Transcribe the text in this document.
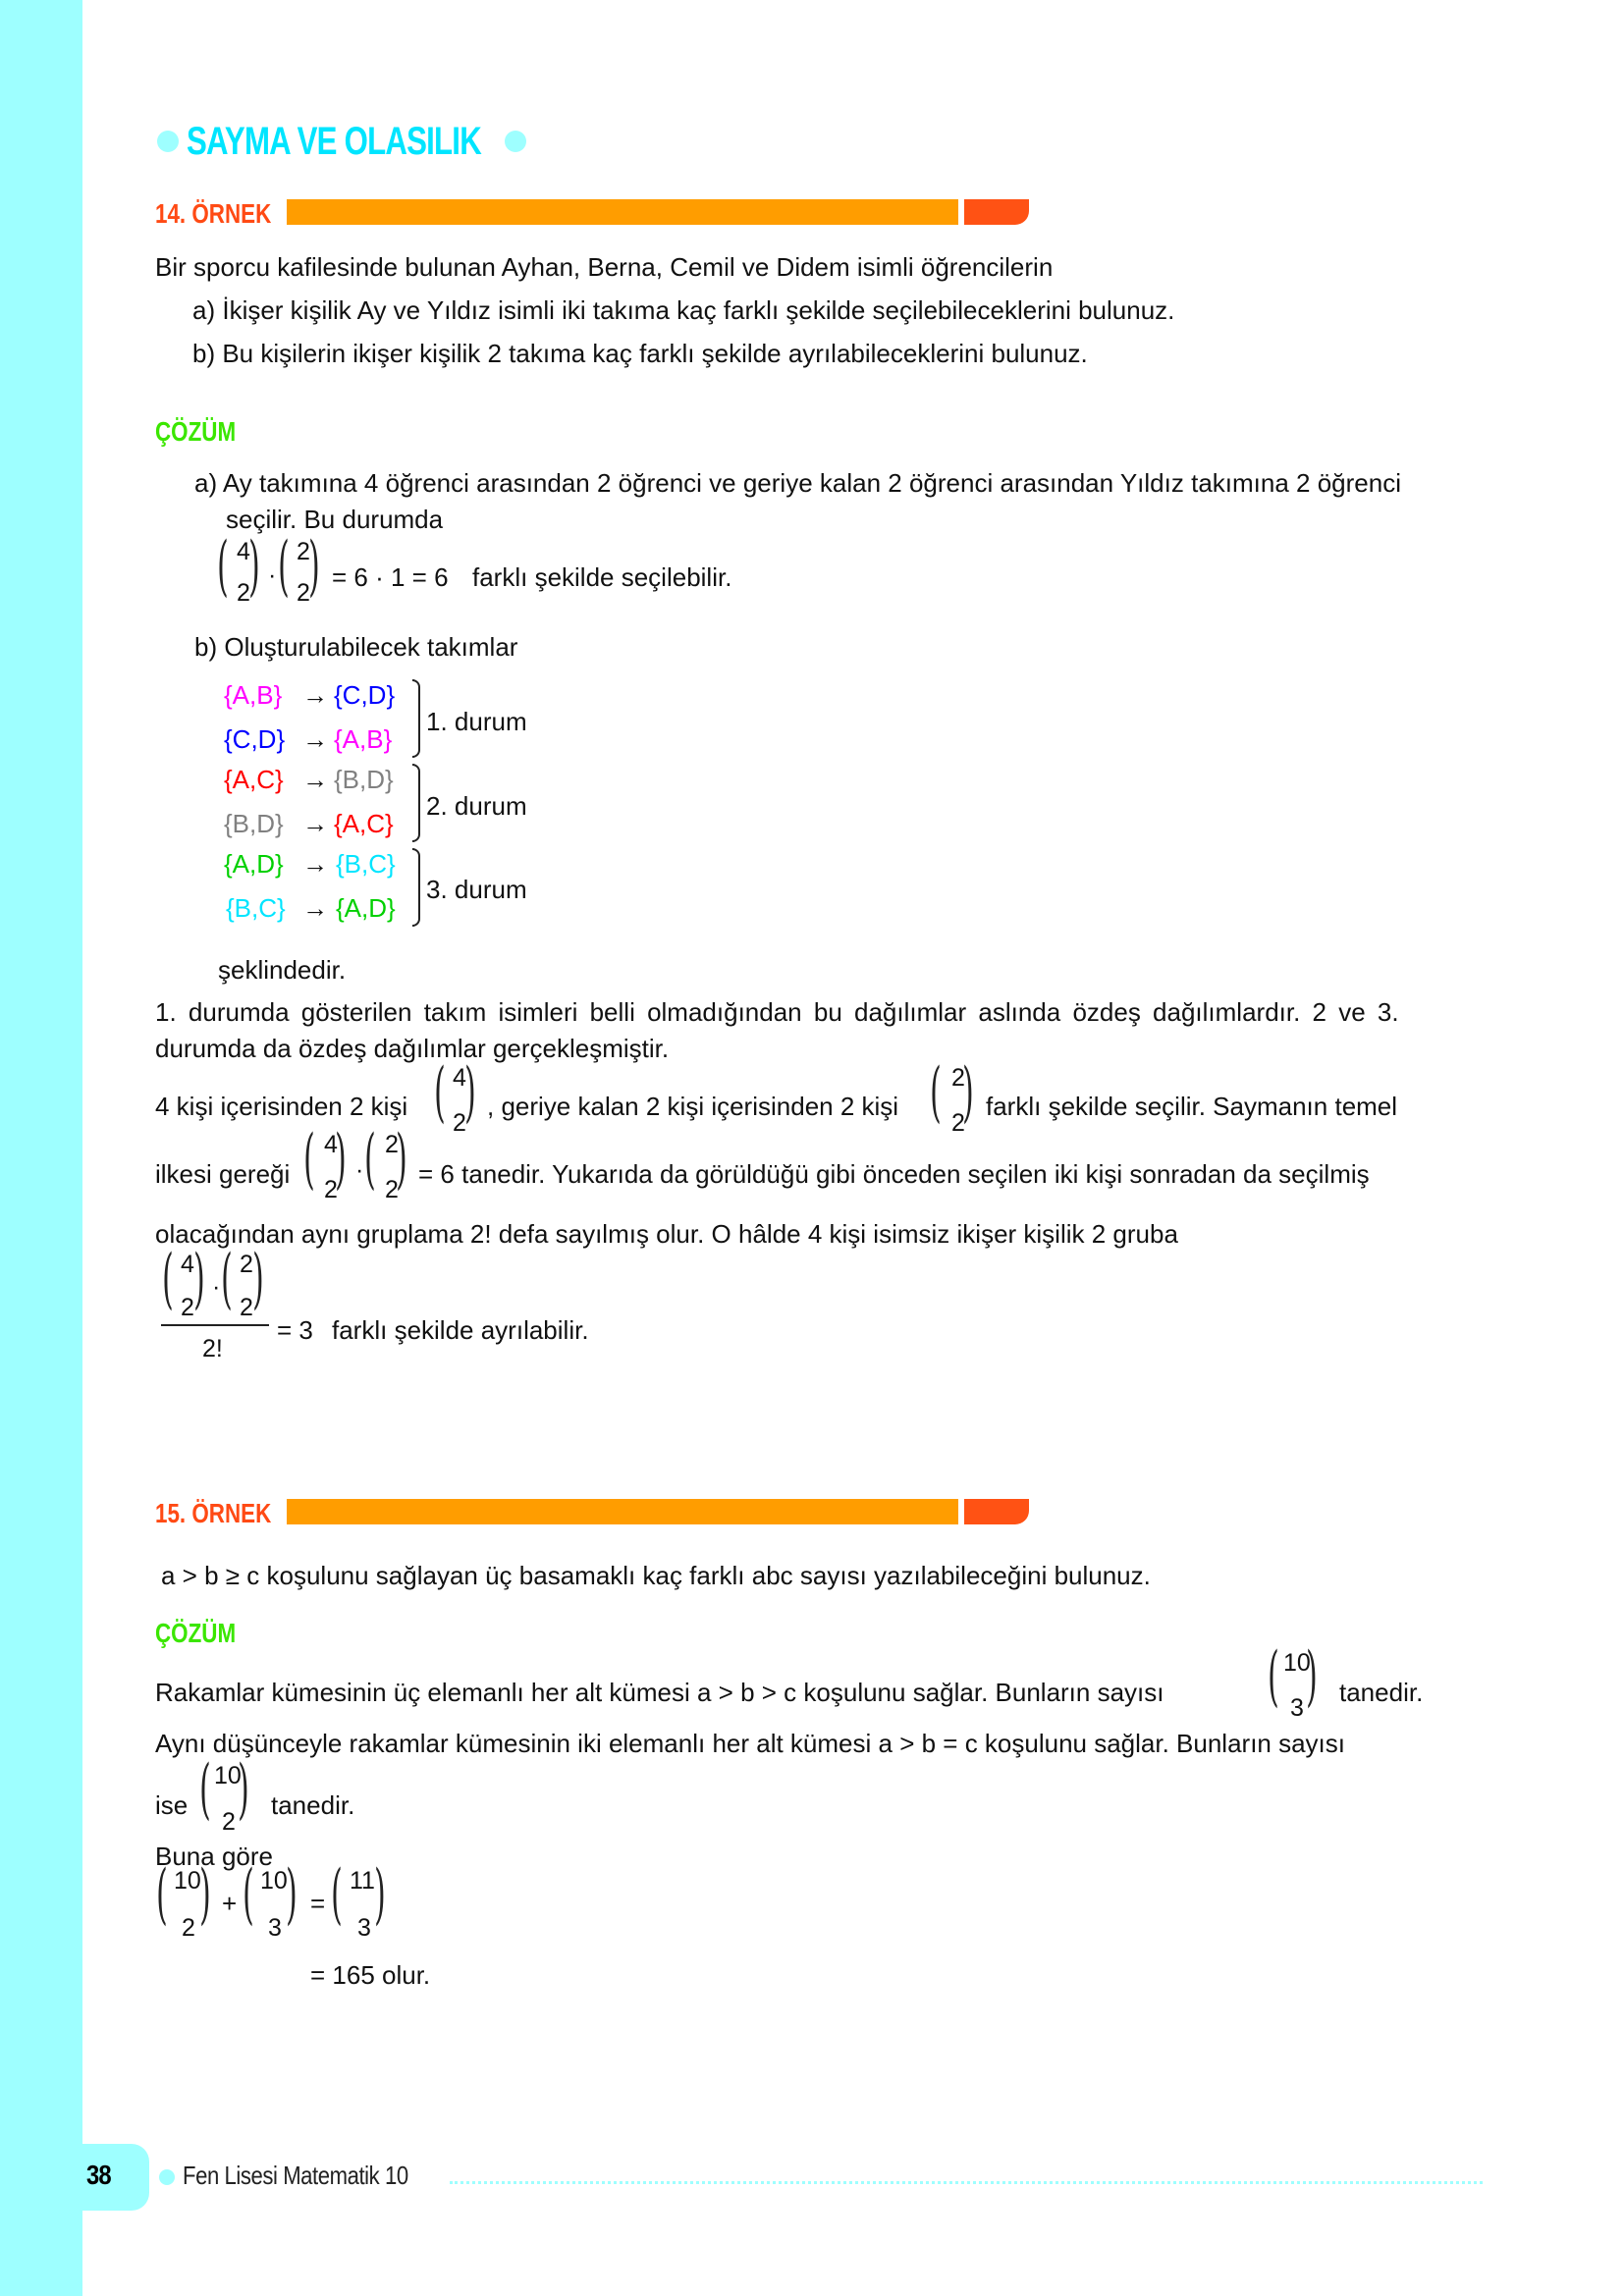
SAYMA VE OLASILIK
14. ÖRNEK
Bir sporcu kafilesinde bulunan Ayhan, Berna, Cemil ve Didem isimli öğrencilerin
a) İkişer kişilik Ay ve Yıldız isimli iki takıma kaç farklı şekilde seçilebileceklerini bulunuz.
b) Bu kişilerin ikişer kişilik 2 takıma kaç farklı şekilde ayrılabileceklerini bulunuz.
ÇÖZÜM
a) Ay takımına 4 öğrenci arasından 2 öğrenci ve geriye kalan 2 öğrenci arasından Yıldız takımına 2 öğrenci
seçilir. Bu durumda
( 4
2
) · ( 2
2
) = 6 · 1 = 6 farklı şekilde seçilebilir.
b) Oluşturulabilecek takımlar
{A,B} → {C,D}
{C,D} → {A,B}
{A,C} → {B,D}
{B,D} → {A,C}
{A,D} → {B,C}
{B,C} → {A,D}
1. durum
2. durum
3. durum
şeklindedir.
1. durumda gösterilen takım isimleri belli olmadığından bu dağılımlar aslında özdeş dağılımlardır. 2 ve 3.
durumda da özdeş dağılımlar gerçekleşmiştir.
4 kişi içerisinden 2 kişi ( 4
2
) , geriye kalan 2 kişi içerisinden 2 kişi ( 2
2
) farklı şekilde seçilir. Saymanın temel
ilkesi gereği ( 4
2
) · ( 2
2
) = 6 tanedir. Yukarıda da görüldüğü gibi önceden seçilen iki kişi sonradan da seçilmiş
olacağından aynı gruplama 2! defa sayılmış olur. O hâlde 4 kişi isimsiz ikişer kişilik 2 gruba
( 4
2 ) · ( 2
2 )
2!
= 3 farklı şekilde ayrılabilir.
15. ÖRNEK
a > b ≥ c koşulunu sağlayan üç basamaklı kaç farklı abc sayısı yazılabileceğini bulunuz.
ÇÖZÜM
Rakamlar kümesinin üç elemanlı her alt kümesi a > b > c koşulunu sağlar. Bunların sayısı ( 10
3 ) tanedir.
Aynı düşünceyle rakamlar kümesinin iki elemanlı her alt kümesi a > b = c koşulunu sağlar. Bunların sayısı
ise ( 10
2 ) tanedir.
Buna göre
( 10
2 ) + ( 10
3 ) = ( 11
3 )
= 165 olur.
38	Fen Lisesi Matematik 10
